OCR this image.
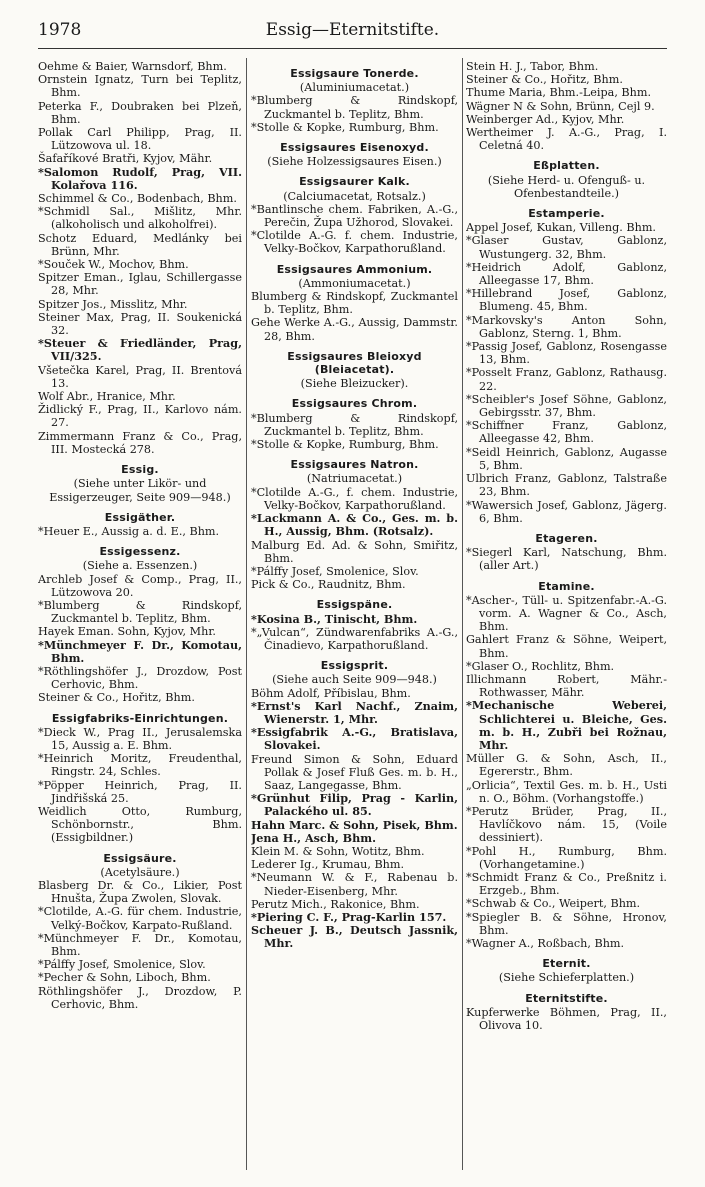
1978	Essig—Eternitstifte.

Oehme & Baier, Warnsdorf, Bhm.

Ornstein Ignatz, Turn bei Teplitz, Bhm.

Peterka F., Doubraken bei Plzeň, Bhm.

Pollak Carl Philipp, Prag, II. Lützowova ul. 18.

Šafaříkové Bratři, Kyjov, Mähr.

*Salomon Rudolf, Prag, VII. Kolařova 116.

Schimmel & Co., Bodenbach, Bhm.

*Schmidl Sal., Mišlitz, Mhr. (alkoholisch und alkoholfrei).

Schotz Eduard, Medlánky bei Brünn, Mhr.

*Souček W., Mochov, Bhm.

Spitzer Eman., Iglau, Schillergasse 28, Mhr.

Spitzer Jos., Misslitz, Mhr.

Steiner Max, Prag, II. Soukenická 32.

*Steuer & Friedländer, Prag, VII/325.

Všetečka Karel, Prag, II. Brentová 13.

Wolf Abr., Hranice, Mhr.

Židlický F., Prag, II., Karlovo nám. 27.

Zimmermann Franz & Co., Prag, III. Mostecká 278.

Essig.

(Siehe unter Likör- und Essigerzeuger, Seite 909—948.)

Essigäther.

*Heuer E., Aussig a. d. E., Bhm.

Essigessenz.

(Siehe a. Essenzen.)

Archleb Josef & Comp., Prag, II., Lützowova 20.

*Blumberg & Rindskopf, Zuckmantel b. Teplitz, Bhm.

Hayek Eman. Sohn, Kyjov, Mhr.

*Münchmeyer F. Dr., Komotau, Bhm.

*Röthlingshöfer J., Drozdow, Post Cerhovic, Bhm.

Steiner & Co., Hořitz, Bhm.

Essigfabriks-Einrichtungen.

*Dieck W., Prag II., Jerusalemska 15, Aussig a. E. Bhm.

*Heinrich Moritz, Freudenthal, Ringstr. 24, Schles.

*Pöpper Heinrich, Prag, II. Jindřišská 25.

Weidlich Otto, Rumburg, Schönbornstr., Bhm. (Essigbildner.)

Essigsäure.

(Acetylsäure.)

Blasberg Dr. & Co., Likier, Post Hnušta, Župa Zwolen, Slovak.

*Clotilde, A.-G. für chem. Industrie, Velký-Bočkov, Karpato-Rußland.

*Münchmeyer F. Dr., Komotau, Bhm.

*Pálffy Josef, Smolenice, Slov.

*Pecher & Sohn, Liboch, Bhm.

Röthlingshöfer J., Drozdow, P. Cerhovic, Bhm.

Essigsaure Tonerde.

(Aluminiumacetat.)

*Blumberg & Rindskopf, Zuckmantel b. Teplitz, Bhm.

*Stolle & Kopke, Rumburg, Bhm.

Essigsaures Eisenoxyd.

(Siehe Holzessigsaures Eisen.)

Essigsaurer Kalk.

(Calciumacetat, Rotsalz.)

*Bantlinsche chem. Fabriken, A.-G., Perečin, Župa Užhorod, Slovakei.

*Clotilde A.-G. f. chem. Industrie, Velky-Bočkov, Karpathorußland.

Essigsaures Ammonium.

(Ammoniumacetat.)

Blumberg & Rindskopf, Zuckmantel b. Teplitz, Bhm.

Gehe Werke A.-G., Aussig, Dammstr. 28, Bhm.

Essigsaures Bleioxyd (Bleiacetat).

(Siehe Bleizucker).

Essigsaures Chrom.

*Blumberg & Rindskopf, Zuckmantel b. Teplitz, Bhm.

*Stolle & Kopke, Rumburg, Bhm.

Essigsaures Natron.

(Natriumacetat.)

*Clotilde A.-G., f. chem. Industrie, Velky-Bočkov, Karpathorußland.

*Lackmann A. & Co., Ges. m. b. H., Aussig, Bhm. (Rotsalz).

Malburg Ed. Ad. & Sohn, Smiřitz, Bhm.

*Pálffy Josef, Smolenice, Slov.

Pick & Co., Raudnitz, Bhm.

Essigspäne.

*Kosina B., Tinischt, Bhm.

*„Vulcan“, Zündwarenfabriks A.-G., Činadievo, Karpathorußland.

Essigsprit.

(Siehe auch Seite 909—948.)

Böhm Adolf, Příbislau, Bhm.

*Ernst's Karl Nachf., Znaim, Wienerstr. 1, Mhr.

*Essigfabrik A.-G., Bratislava, Slovakei.

Freund Simon & Sohn, Eduard Pollak & Josef Fluß Ges. m. b. H., Saaz, Langegasse, Bhm.

*Grünhut Filip, Prag - Karlin, Palackého ul. 85.

Hahn Marc. & Sohn, Pisek, Bhm.

Jena H., Asch, Bhm.

Klein M. & Sohn, Wotitz, Bhm.

Lederer Ig., Krumau, Bhm.

*Neumann W. & F., Rabenau b. Nieder-Eisenberg, Mhr.

Perutz Mich., Rakonice, Bhm.

*Piering C. F., Prag-Karlin 157.

Scheuer J. B., Deutsch Jassnik, Mhr.

Stein H. J., Tabor, Bhm.

Steiner & Co., Hořitz, Bhm.

Thume Maria, Bhm.-Leipa, Bhm.

Wägner N & Sohn, Brünn, Cejl 9.

Weinberger Ad., Kyjov, Mhr.

Wertheimer J. A.-G., Prag, I. Celetná 40.

Eßplatten.

(Siehe Herd- u. Ofenguß- u. Ofenbestandteile.)

Estamperie.

Appel Josef, Kukan, Villeng. Bhm.

*Glaser Gustav, Gablonz, Wustungerg. 32, Bhm.

*Heidrich Adolf, Gablonz, Alleegasse 17, Bhm.

*Hillebrand Josef, Gablonz, Blumeng. 45, Bhm.

*Markovsky's Anton Sohn, Gablonz, Sterng. 1, Bhm.

*Passig Josef, Gablonz, Rosengasse 13, Bhm.

*Posselt Franz, Gablonz, Rathausg. 22.

*Scheibler's Josef Söhne, Gablonz, Gebirgsstr. 37, Bhm.

*Schiffner Franz, Gablonz, Alleegasse 42, Bhm.

*Seidl Heinrich, Gablonz, Augasse 5, Bhm.

Ulbrich Franz, Gablonz, Talstraße 23, Bhm.

*Wawersich Josef, Gablonz, Jägerg. 6, Bhm.

Etageren.

*Siegerl Karl, Natschung, Bhm. (aller Art.)

Etamine.

*Ascher-, Tüll- u. Spitzenfabr.-A.-G. vorm. A. Wagner & Co., Asch, Bhm.

Gahlert Franz & Söhne, Weipert, Bhm.

*Glaser O., Rochlitz, Bhm.

Illichmann Robert, Mähr.-Rothwasser, Mähr.

*Mechanische Weberei, Schlichterei u. Bleiche, Ges. m. b. H., Zubři bei Rožnau, Mhr.

Müller G. & Sohn, Asch, II., Egererstr., Bhm.

„Orlicia“, Textil Ges. m. b. H., Usti n. O., Böhm. (Vorhangstoffe.)

*Perutz Brüder, Prag, II., Havlíčkovo nám. 15, (Voile dessiniert).

*Pohl H., Rumburg, Bhm. (Vorhangetamine.)

*Schmidt Franz & Co., Preßnitz i. Erzgeb., Bhm.

*Schwab & Co., Weipert, Bhm.

*Spiegler B. & Söhne, Hronov, Bhm.

*Wagner A., Roßbach, Bhm.

Eternit.

(Siehe Schieferplatten.)

Eternitstifte.

Kupferwerke Böhmen, Prag, II., Olivova 10.
